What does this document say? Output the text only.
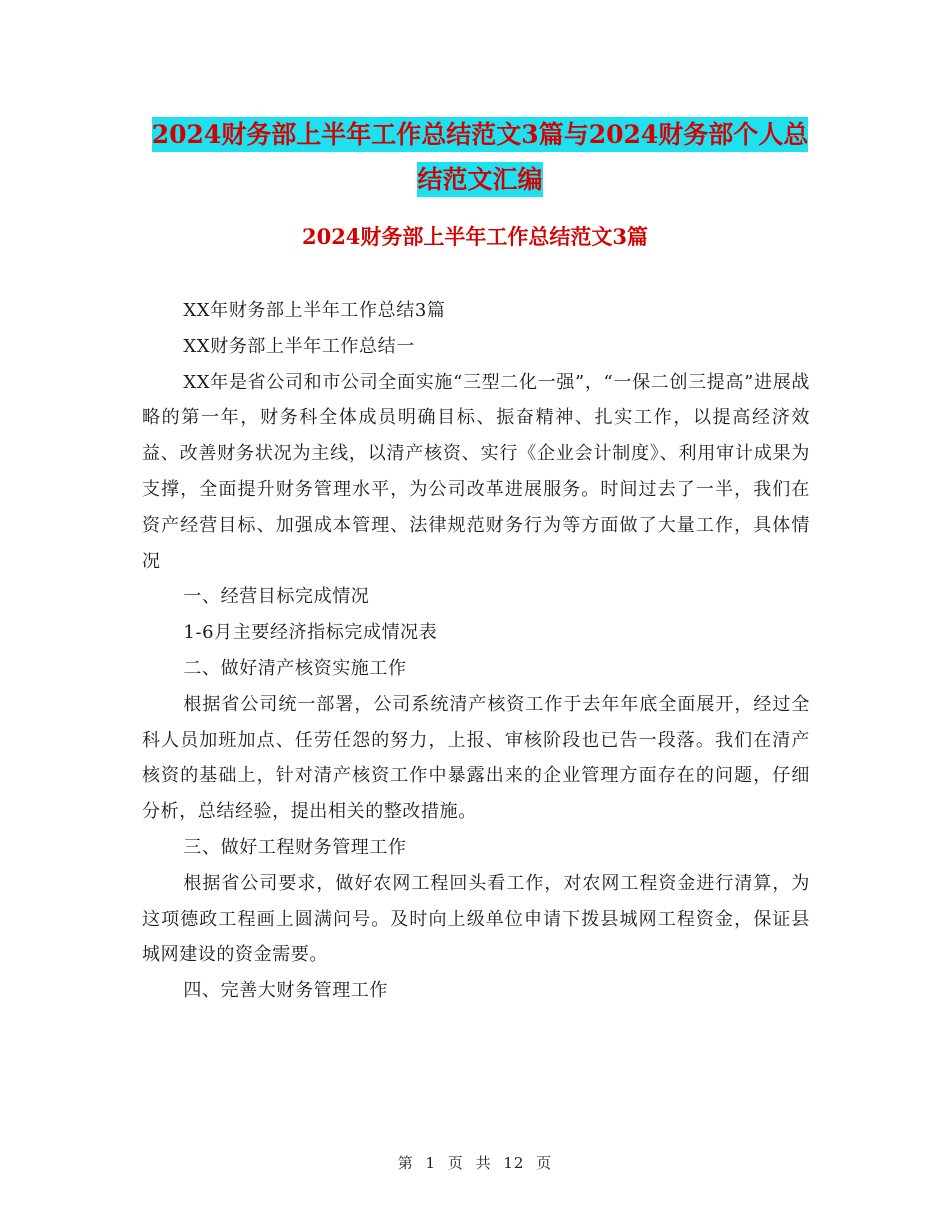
2024财务部上半年工作总结范文3篇与2024财务部个人总结范文汇编
2024财务部上半年工作总结范文3篇

XX年财务部上半年工作总结3篇

XX财务部上半年工作总结一

XX年是省公司和市公司全面实施“三型二化一强”，“一保二创三提高”进展战略的第一年，财务科全体成员明确目标、振奋精神、扎实工作，以提高经济效益、改善财务状况为主线，以清产核资、实行《企业会计制度》、利用审计成果为支撑，全面提升财务管理水平，为公司改革进展服务。时间过去了一半，我们在资产经营目标、加强成本管理、法律规范财务行为等方面做了大量工作，具体情况

一、经营目标完成情况

1-6月主要经济指标完成情况表

二、做好清产核资实施工作

根据省公司统一部署，公司系统清产核资工作于去年年底全面展开，经过全科人员加班加点、任劳任怨的努力，上报、审核阶段也已告一段落。我们在清产核资的基础上，针对清产核资工作中暴露出来的企业管理方面存在的问题，仔细分析，总结经验，提出相关的整改措施。

三、做好工程财务管理工作

根据省公司要求，做好农网工程回头看工作，对农网工程资金进行清算，为这项德政工程画上圆满问号。及时向上级单位申请下拨县城网工程资金，保证县城网建设的资金需要。

四、完善大财务管理工作

第 1 页 共 12 页
